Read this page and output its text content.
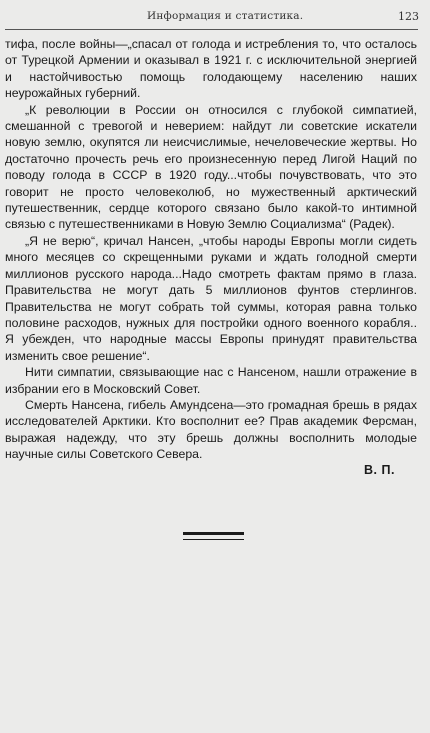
Информация и статистика.	123

тифа, после войны—„спасал от голода и истребления то, что осталось от Турецкой Армении и оказывал в 1921 г. с исключительной энергией и настойчивостью помощь голодающему населению наших неурожайных губерний.

„К революции в России он относился с глубокой симпатией, смешанной с тревогой и неверием: найдут ли советские искатели новую землю, окупятся ли неисчислимые, нечеловеческие жертвы. Но достаточно прочесть речь его произнесенную перед Лигой Наций по поводу голода в СССР в 1920 году...чтобы почувствовать, что это говорит не просто человеколюб, но мужественный арктический путешественник, сердце которого связано было какой-то интимной связью с путешественниками в Новую Землю Социализма“ (Радек).

„Я не верю“, кричал Нансен, „чтобы народы Европы могли сидеть много месяцев со скрещенными руками и ждать голодной смерти миллионов русского народа...Надо смотреть фактам прямо в глаза. Правительства не могут дать 5 миллионов фунтов стерлингов. Правительства не могут собрать той суммы, которая равна только половине расходов, нужных для постройки одного военного корабля.. Я убежден, что народные массы Европы принудят правительства изменить свое решение“.

Нити симпатии, связывающие нас с Нансеном, нашли отражение в избрании его в Московский Совет.

Смерть Нансена, гибель Амундсена—это громадная брешь в рядах исследователей Арктики. Кто восполнит ее? Прав академик Ферсман, выражая надежду, что эту брешь должны восполнить молодые научные силы Советского Севера.

В. П.
